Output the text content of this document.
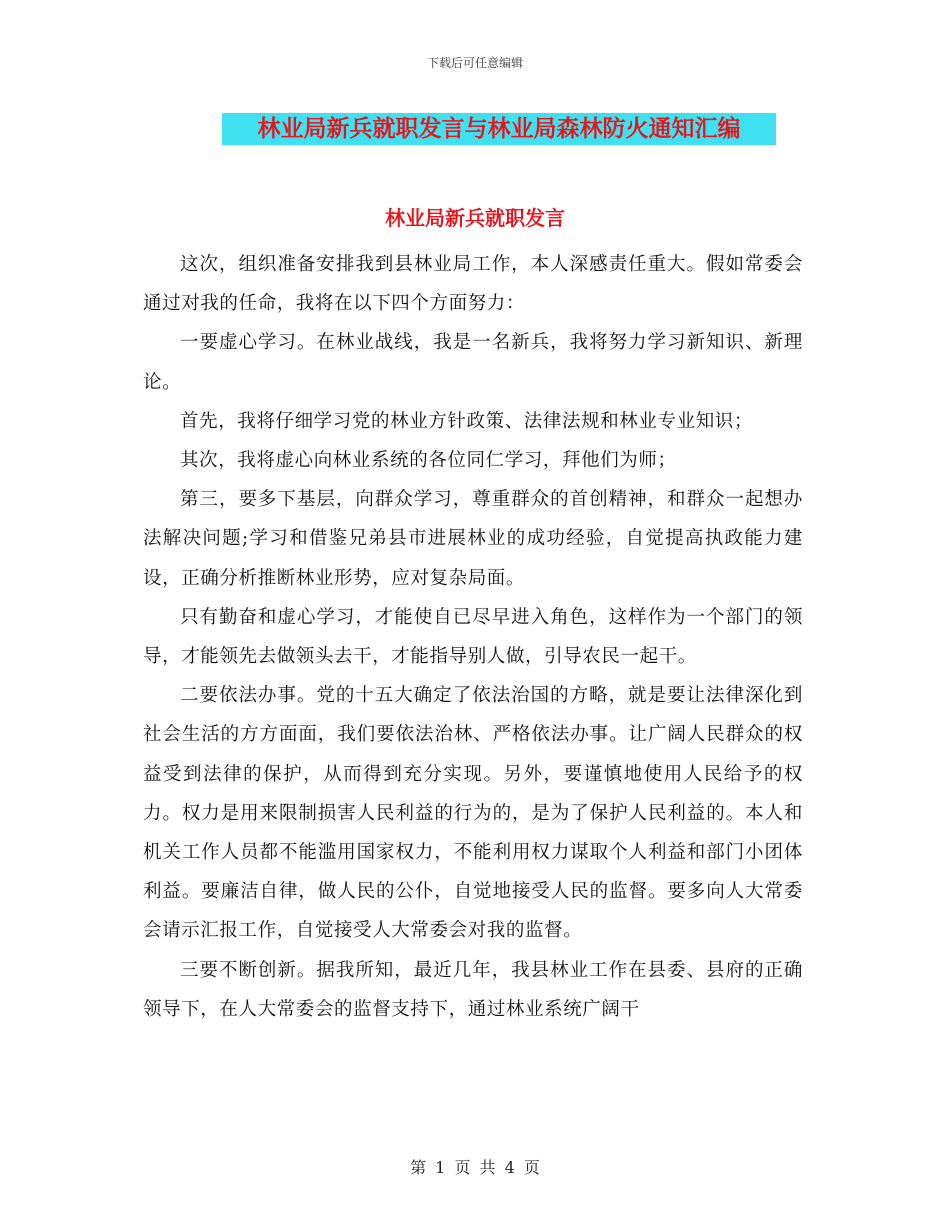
下载后可任意编辑
林业局新兵就职发言与林业局森林防火通知汇编
林业局新兵就职发言

这次，组织准备安排我到县林业局工作，本人深感责任重大。假如常委会通过对我的任命，我将在以下四个方面努力：

一要虚心学习。在林业战线，我是一名新兵，我将努力学习新知识、新理论。

首先，我将仔细学习党的林业方针政策、法律法规和林业专业知识；

其次，我将虚心向林业系统的各位同仁学习，拜他们为师；

第三，要多下基层，向群众学习，尊重群众的首创精神，和群众一起想办法解决问题;学习和借鉴兄弟县市进展林业的成功经验，自觉提高执政能力建设，正确分析推断林业形势，应对复杂局面。

只有勤奋和虚心学习，才能使自已尽早进入角色，这样作为一个部门的领导，才能领先去做领头去干，才能指导别人做，引导农民一起干。

二要依法办事。党的十五大确定了依法治国的方略，就是要让法律深化到社会生活的方方面面，我们要依法治林、严格依法办事。让广阔人民群众的权益受到法律的保护，从而得到充分实现。另外，要谨慎地使用人民给予的权力。权力是用来限制损害人民利益的行为的，是为了保护人民利益的。本人和机关工作人员都不能滥用国家权力，不能利用权力谋取个人利益和部门小团体利益。要廉洁自律，做人民的公仆，自觉地接受人民的监督。要多向人大常委会请示汇报工作，自觉接受人大常委会对我的监督。

三要不断创新。据我所知，最近几年，我县林业工作在县委、县府的正确领导下，在人大常委会的监督支持下，通过林业系统广阔干

第 1 页 共 4 页
